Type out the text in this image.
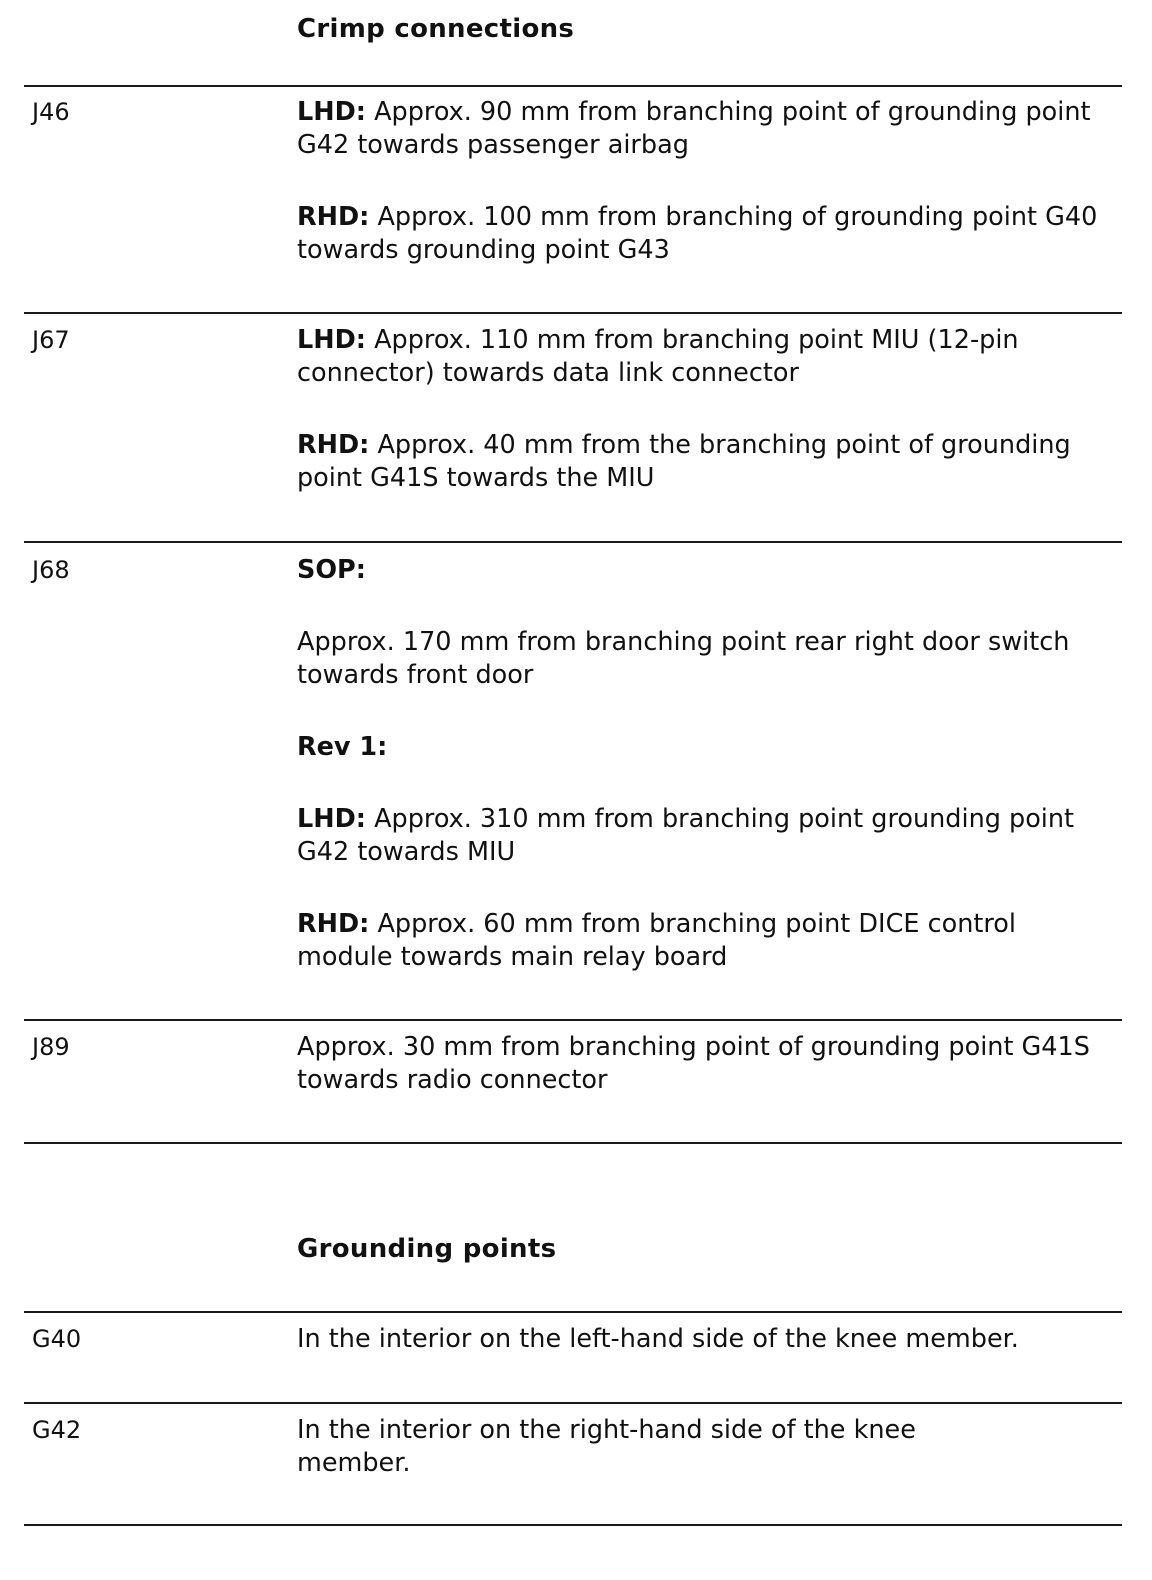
Crimp connections
J46	LHD: Approx. 90 mm from branching point of grounding point G42 towards passenger airbag

RHD: Approx. 100 mm from branching of grounding point G40 towards grounding point G43

J67	LHD: Approx. 110 mm from branching point MIU (12-pin connector) towards data link connector

RHD: Approx. 40 mm from the branching point of grounding point G41S towards the MIU

J68	SOP:

Approx. 170 mm from branching point rear right door switch towards front door

Rev 1:

LHD: Approx. 310 mm from branching point grounding point G42 towards MIU

RHD: Approx. 60 mm from branching point DICE control module towards main relay board

J89	Approx. 30 mm from branching point of grounding point G41S towards radio connector

Grounding points
G40	In the interior on the left-hand side of the knee member.

G42	In the interior on the right-hand side of the knee member.
